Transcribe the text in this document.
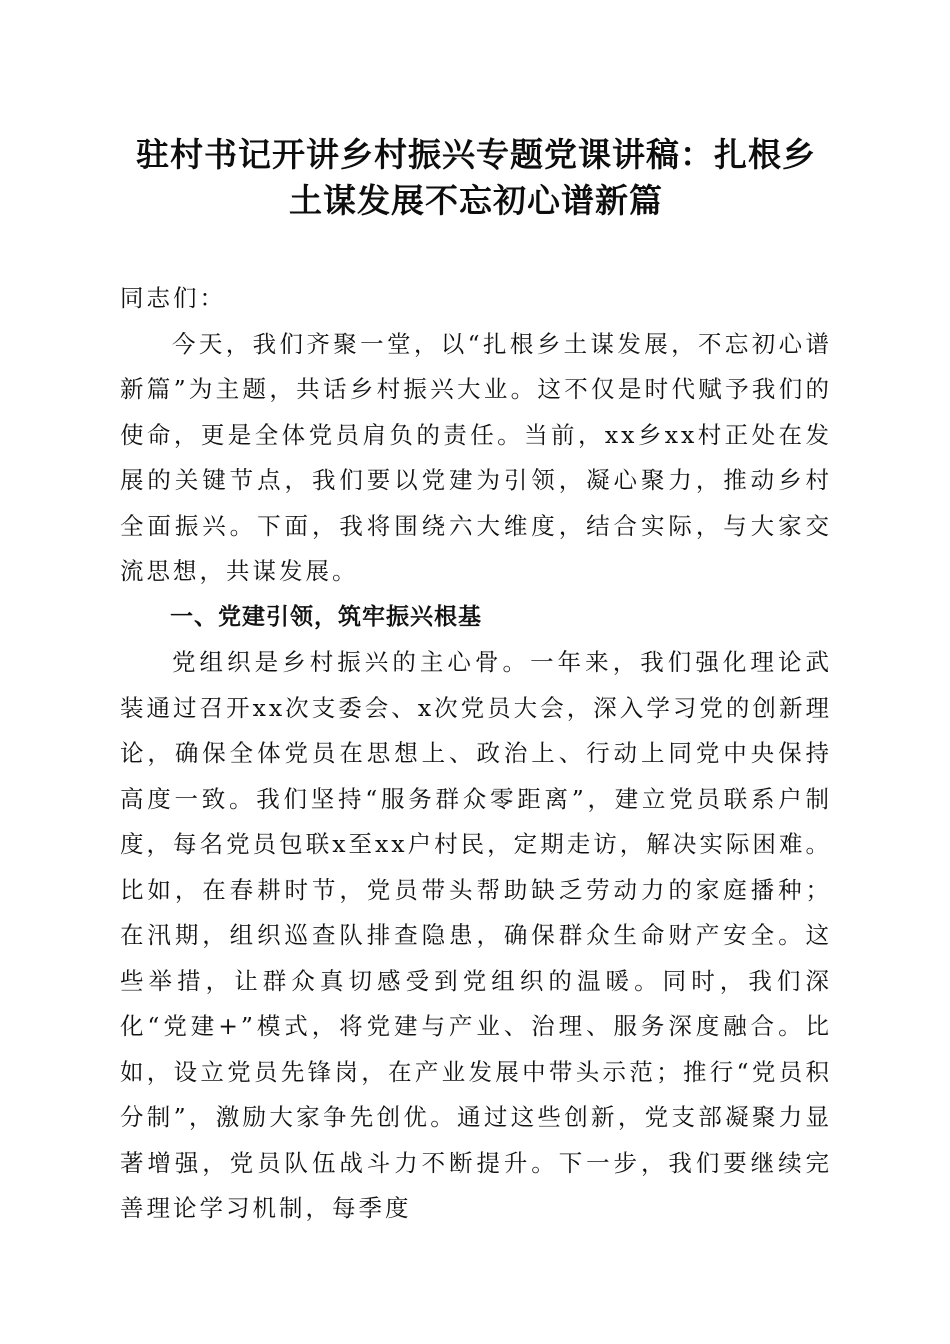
驻村书记开讲乡村振兴专题党课讲稿：扎根乡
土谋发展不忘初心谱新篇

同志们：

今天，我们齐聚一堂，以“扎根乡土谋发展，不忘初心谱新篇”为主题，共话乡村振兴大业。这不仅是时代赋予我们的使命，更是全体党员肩负的责任。当前，xx乡xx村正处在发展的关键节点，我们要以党建为引领，凝心聚力，推动乡村全面振兴。下面，我将围绕六大维度，结合实际，与大家交流思想，共谋发展。

一、党建引领，筑牢振兴根基

党组织是乡村振兴的主心骨。一年来，我们强化理论武装通过召开xx次支委会、x次党员大会，深入学习党的创新理论，确保全体党员在思想上、政治上、行动上同党中央保持高度一致。我们坚持“服务群众零距离”，建立党员联系户制度，每名党员包联x至xx户村民，定期走访，解决实际困难。比如，在春耕时节，党员带头帮助缺乏劳动力的家庭播种；在汛期，组织巡查队排查隐患，确保群众生命财产安全。这些举措，让群众真切感受到党组织的温暖。同时，我们深化“党建+”模式，将党建与产业、治理、服务深度融合。比如，设立党员先锋岗，在产业发展中带头示范；推行“党员积分制”，激励大家争先创优。通过这些创新，党支部凝聚力显著增强，党员队伍战斗力不断提升。下一步，我们要继续完善理论学习机制，每季度
